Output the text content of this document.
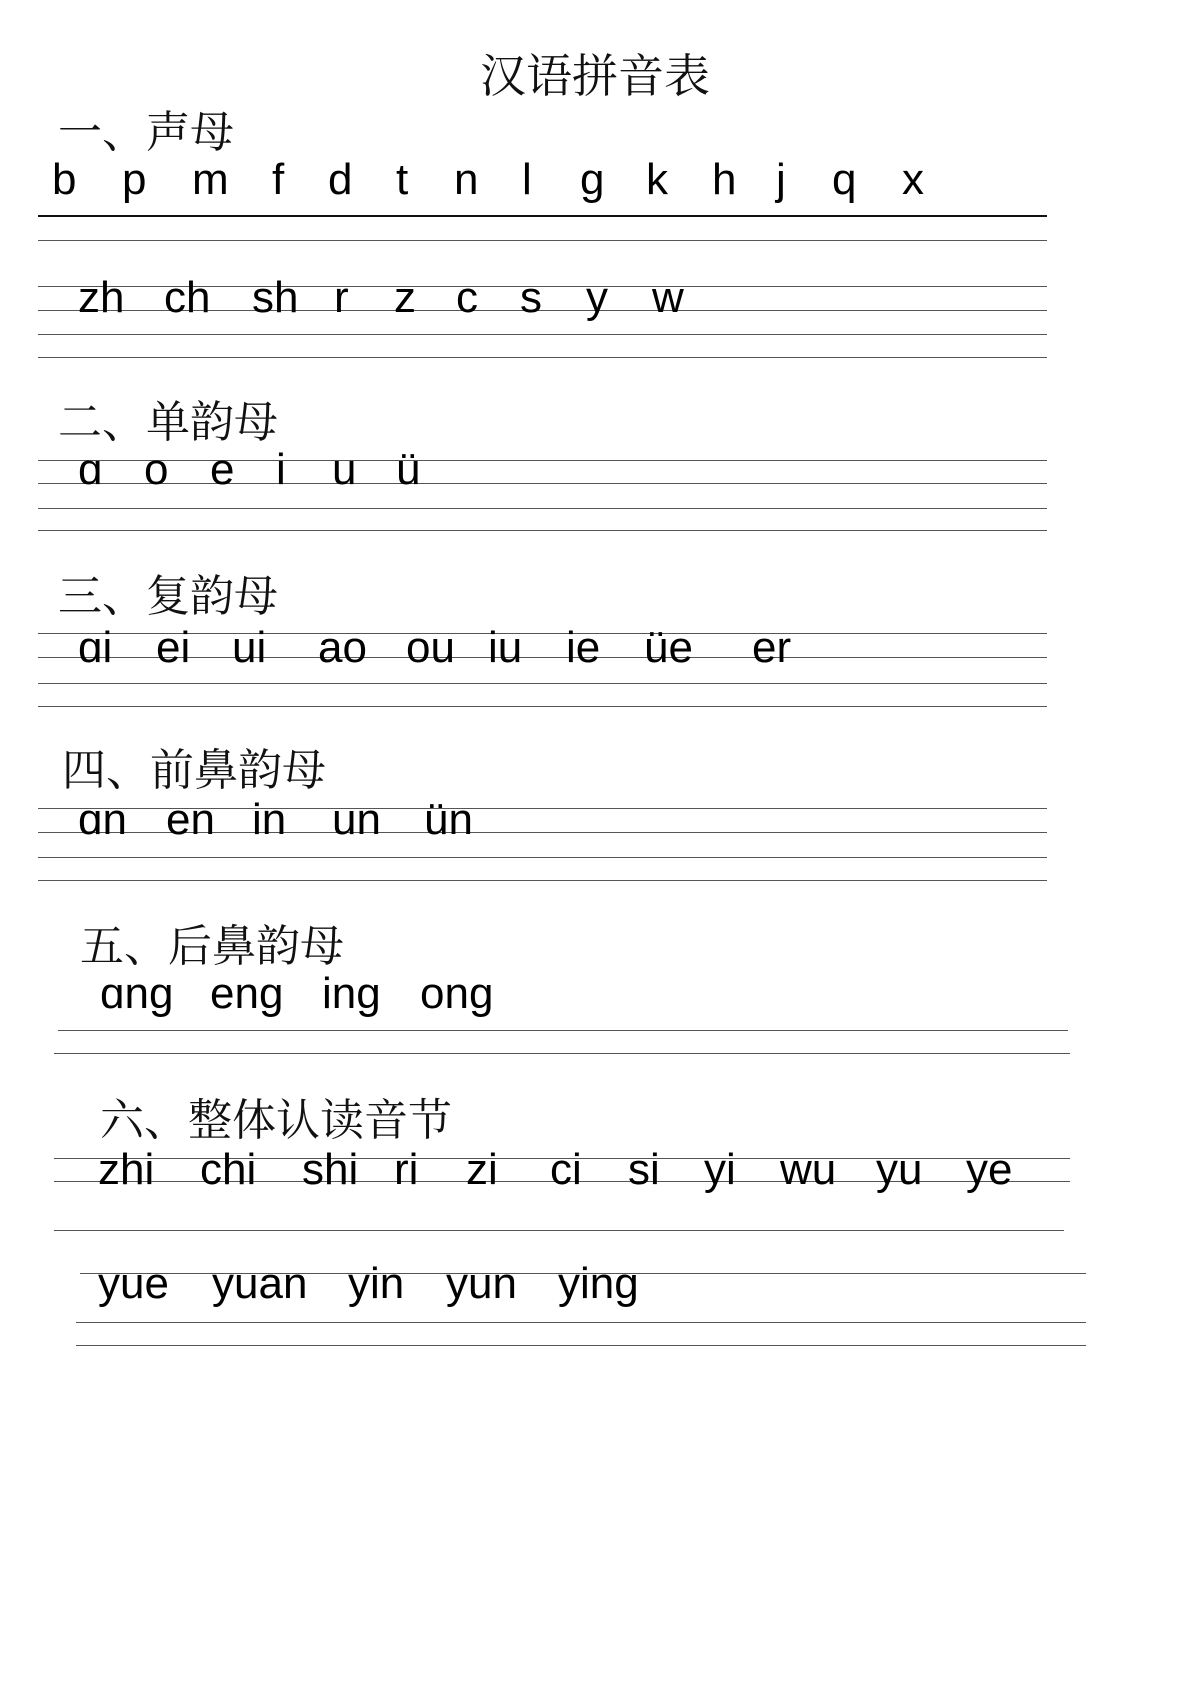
汉语拼音表
一、声母
二、单韵母
三、复韵母
四、前鼻韵母
五、后鼻韵母
六、整体认读音节
b p m f d t n l g k h j q x
zh ch sh r z c s y w
ɑ o e i u ü
ɑi ei ui ao ou iu ie üe er
ɑn en in un ün
ɑng eng ing ong
zhi chi shi ri zi ci si yi wu yu ye
yue yuan yin yun ying
